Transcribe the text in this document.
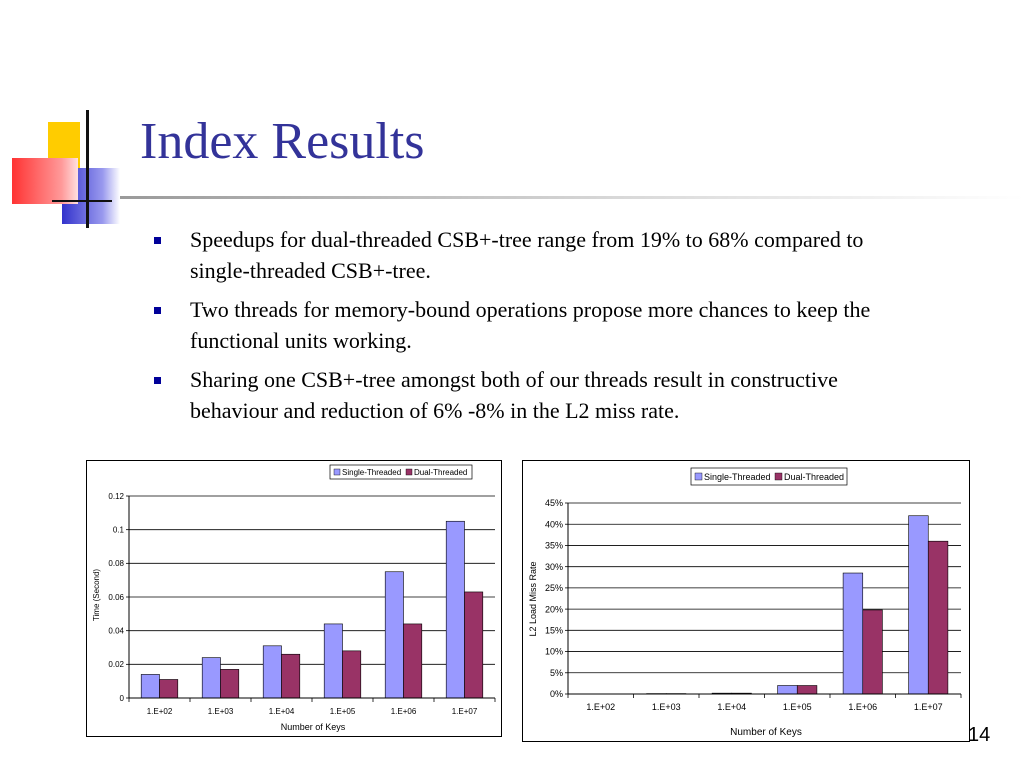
Index Results
Speedups for dual-threaded CSB+-tree range from 19% to 68% compared to single-threaded CSB+-tree.
Two threads for memory-bound operations propose more chances to keep the functional units working.
Sharing one CSB+-tree amongst both of our threads result in constructive behaviour and reduction of 6% -8% in the L2 miss rate.
Single-Threaded Dual-Threaded
Time (Second)
Number of Keys
0
0.02
0.04
0.06
0.08
0.1
0.12
1.E+02	1.E+03	1.E+04	1.E+05	1.E+06	1.E+07
Single-Threaded Dual-Threaded
L2 Load Miss Rate
Number of Keys
0%
5%
10%
15%
20%
25%
30%
35%
40%
45%
1.E+02	1.E+03	1.E+04	1.E+05	1.E+06	1.E+07
14
